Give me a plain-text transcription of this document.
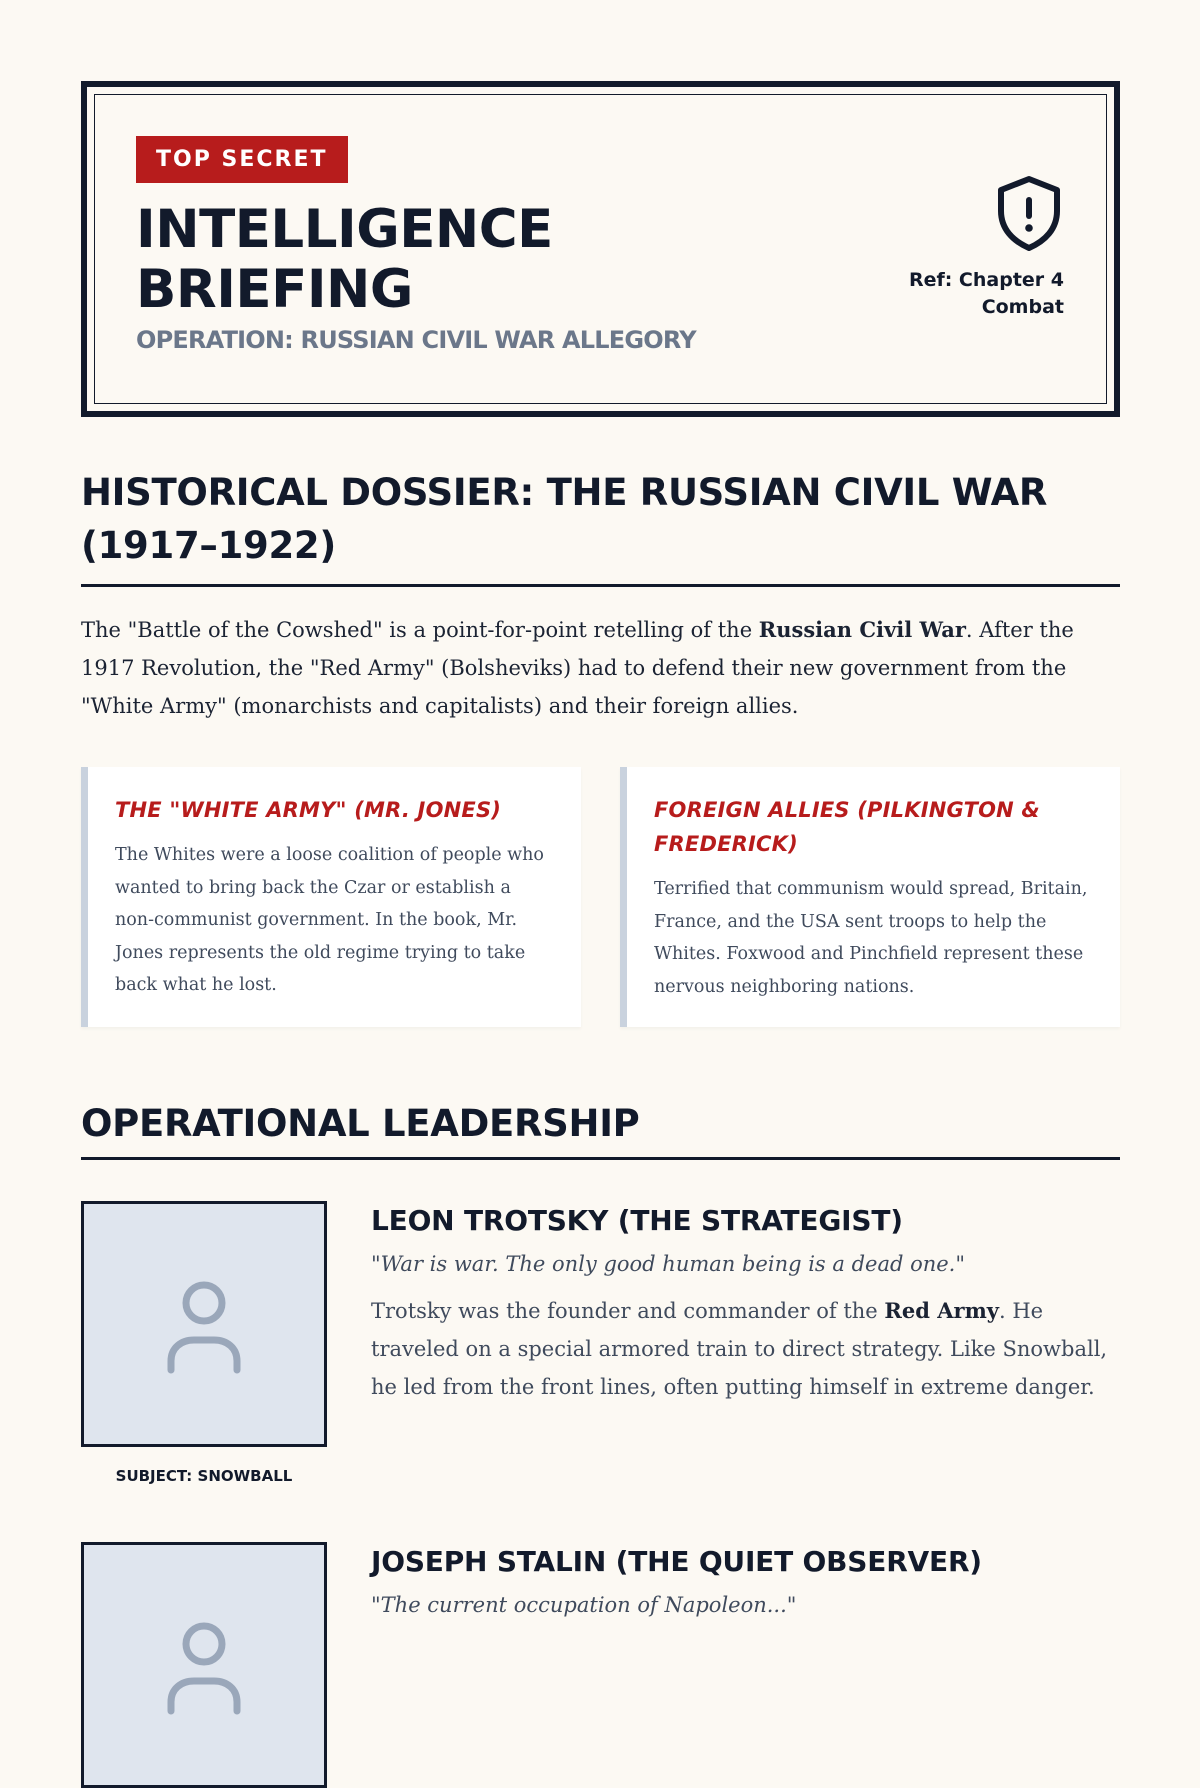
TOP SECRET
INTELLIGENCE BRIEFING
OPERATION: RUSSIAN CIVIL WAR ALLEGORY
Ref: Chapter 4 Combat
HISTORICAL DOSSIER: THE RUSSIAN CIVIL WAR (1917–1922)

The "Battle of the Cowshed" is a point-for-point retelling of the Russian Civil War. After the 1917 Revolution, the "Red Army" (Bolsheviks) had to defend their new government from the "White Army" (monarchists and capitalists) and their foreign allies.

THE "WHITE ARMY" (MR. JONES)

The Whites were a loose coalition of people who wanted to bring back the Czar or establish a non-communist government. In the book, Mr. Jones represents the old regime trying to take back what he lost.

FOREIGN ALLIES (PILKINGTON & FREDERICK)

Terrified that communism would spread, Britain, France, and the USA sent troops to help the Whites. Foxwood and Pinchfield represent these nervous neighboring nations.

OPERATIONAL LEADERSHIP
SUBJECT: SNOWBALL
LEON TROTSKY (THE STRATEGIST)

"War is war. The only good human being is a dead one."

Trotsky was the founder and commander of the Red Army. He traveled on a special armored train to direct strategy. Like Snowball, he led from the front lines, often putting himself in extreme danger.

JOSEPH STALIN (THE QUIET OBSERVER)

"The current occupation of Napoleon..."
